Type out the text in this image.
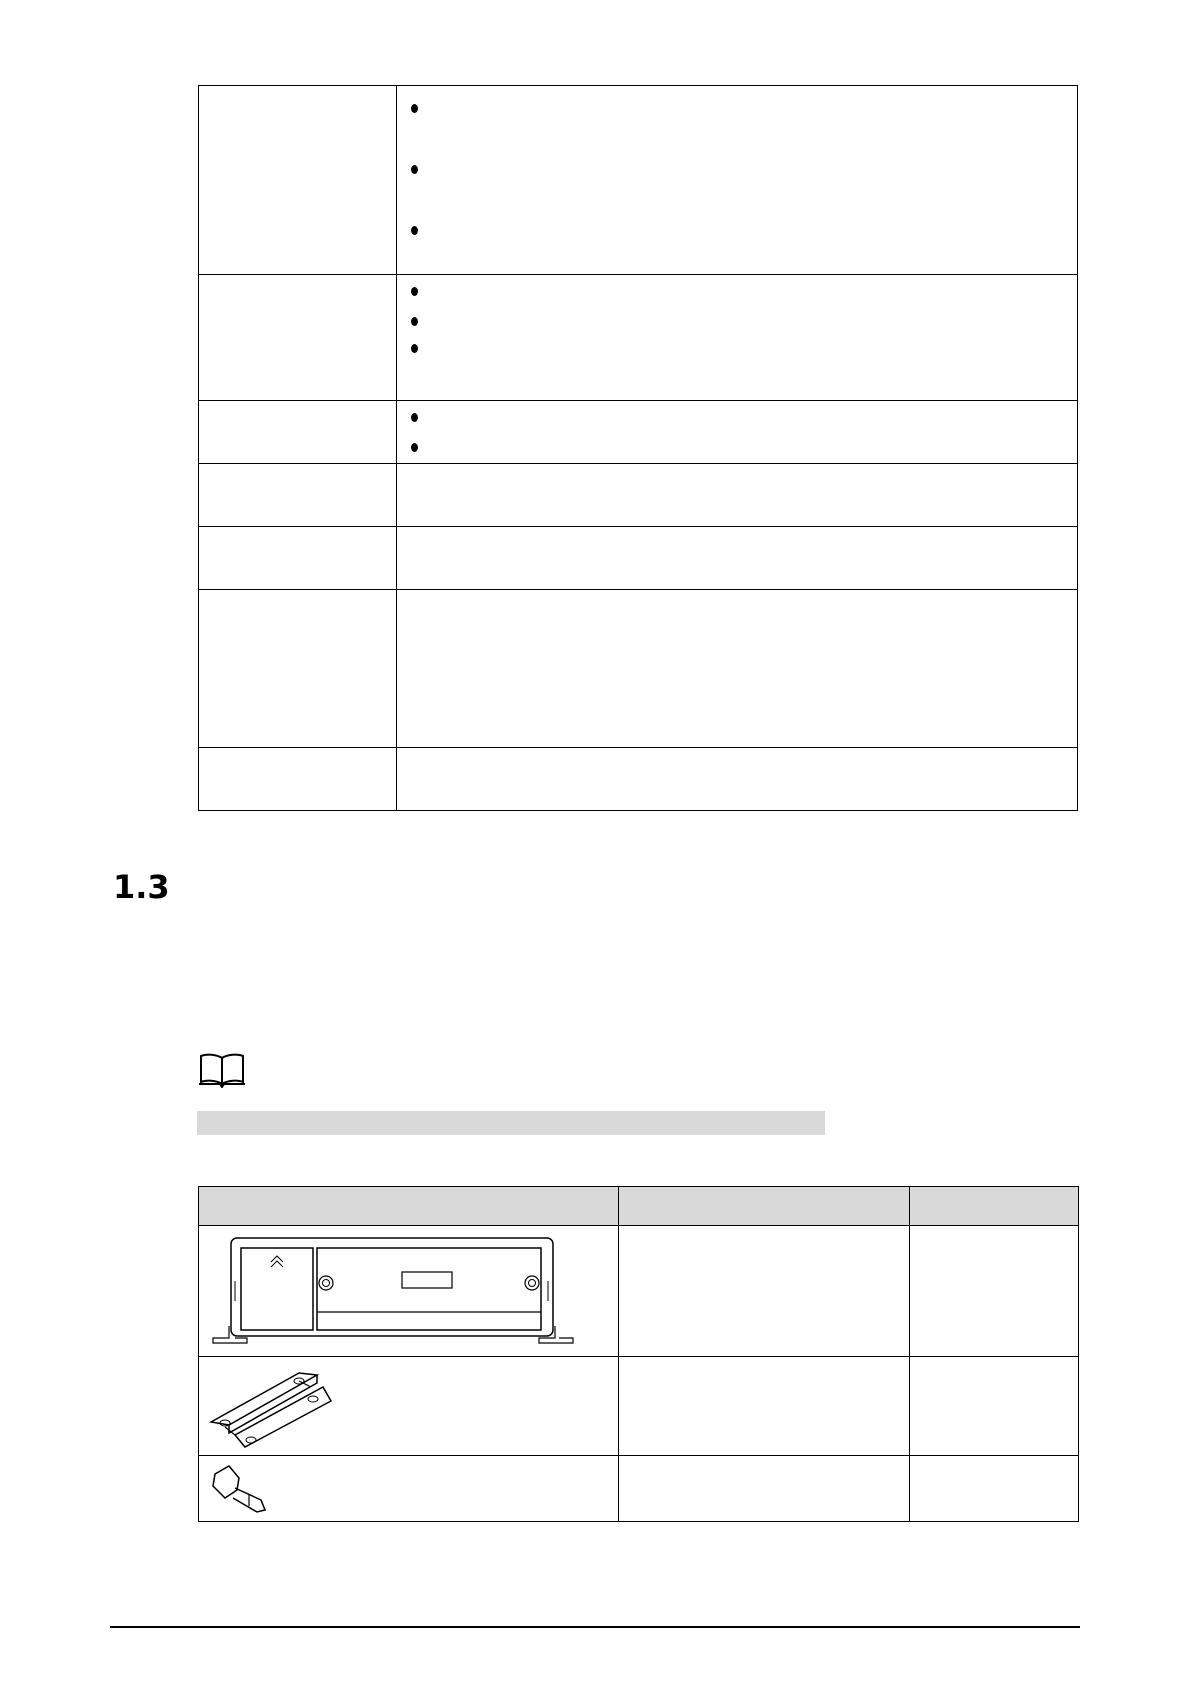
1.3
